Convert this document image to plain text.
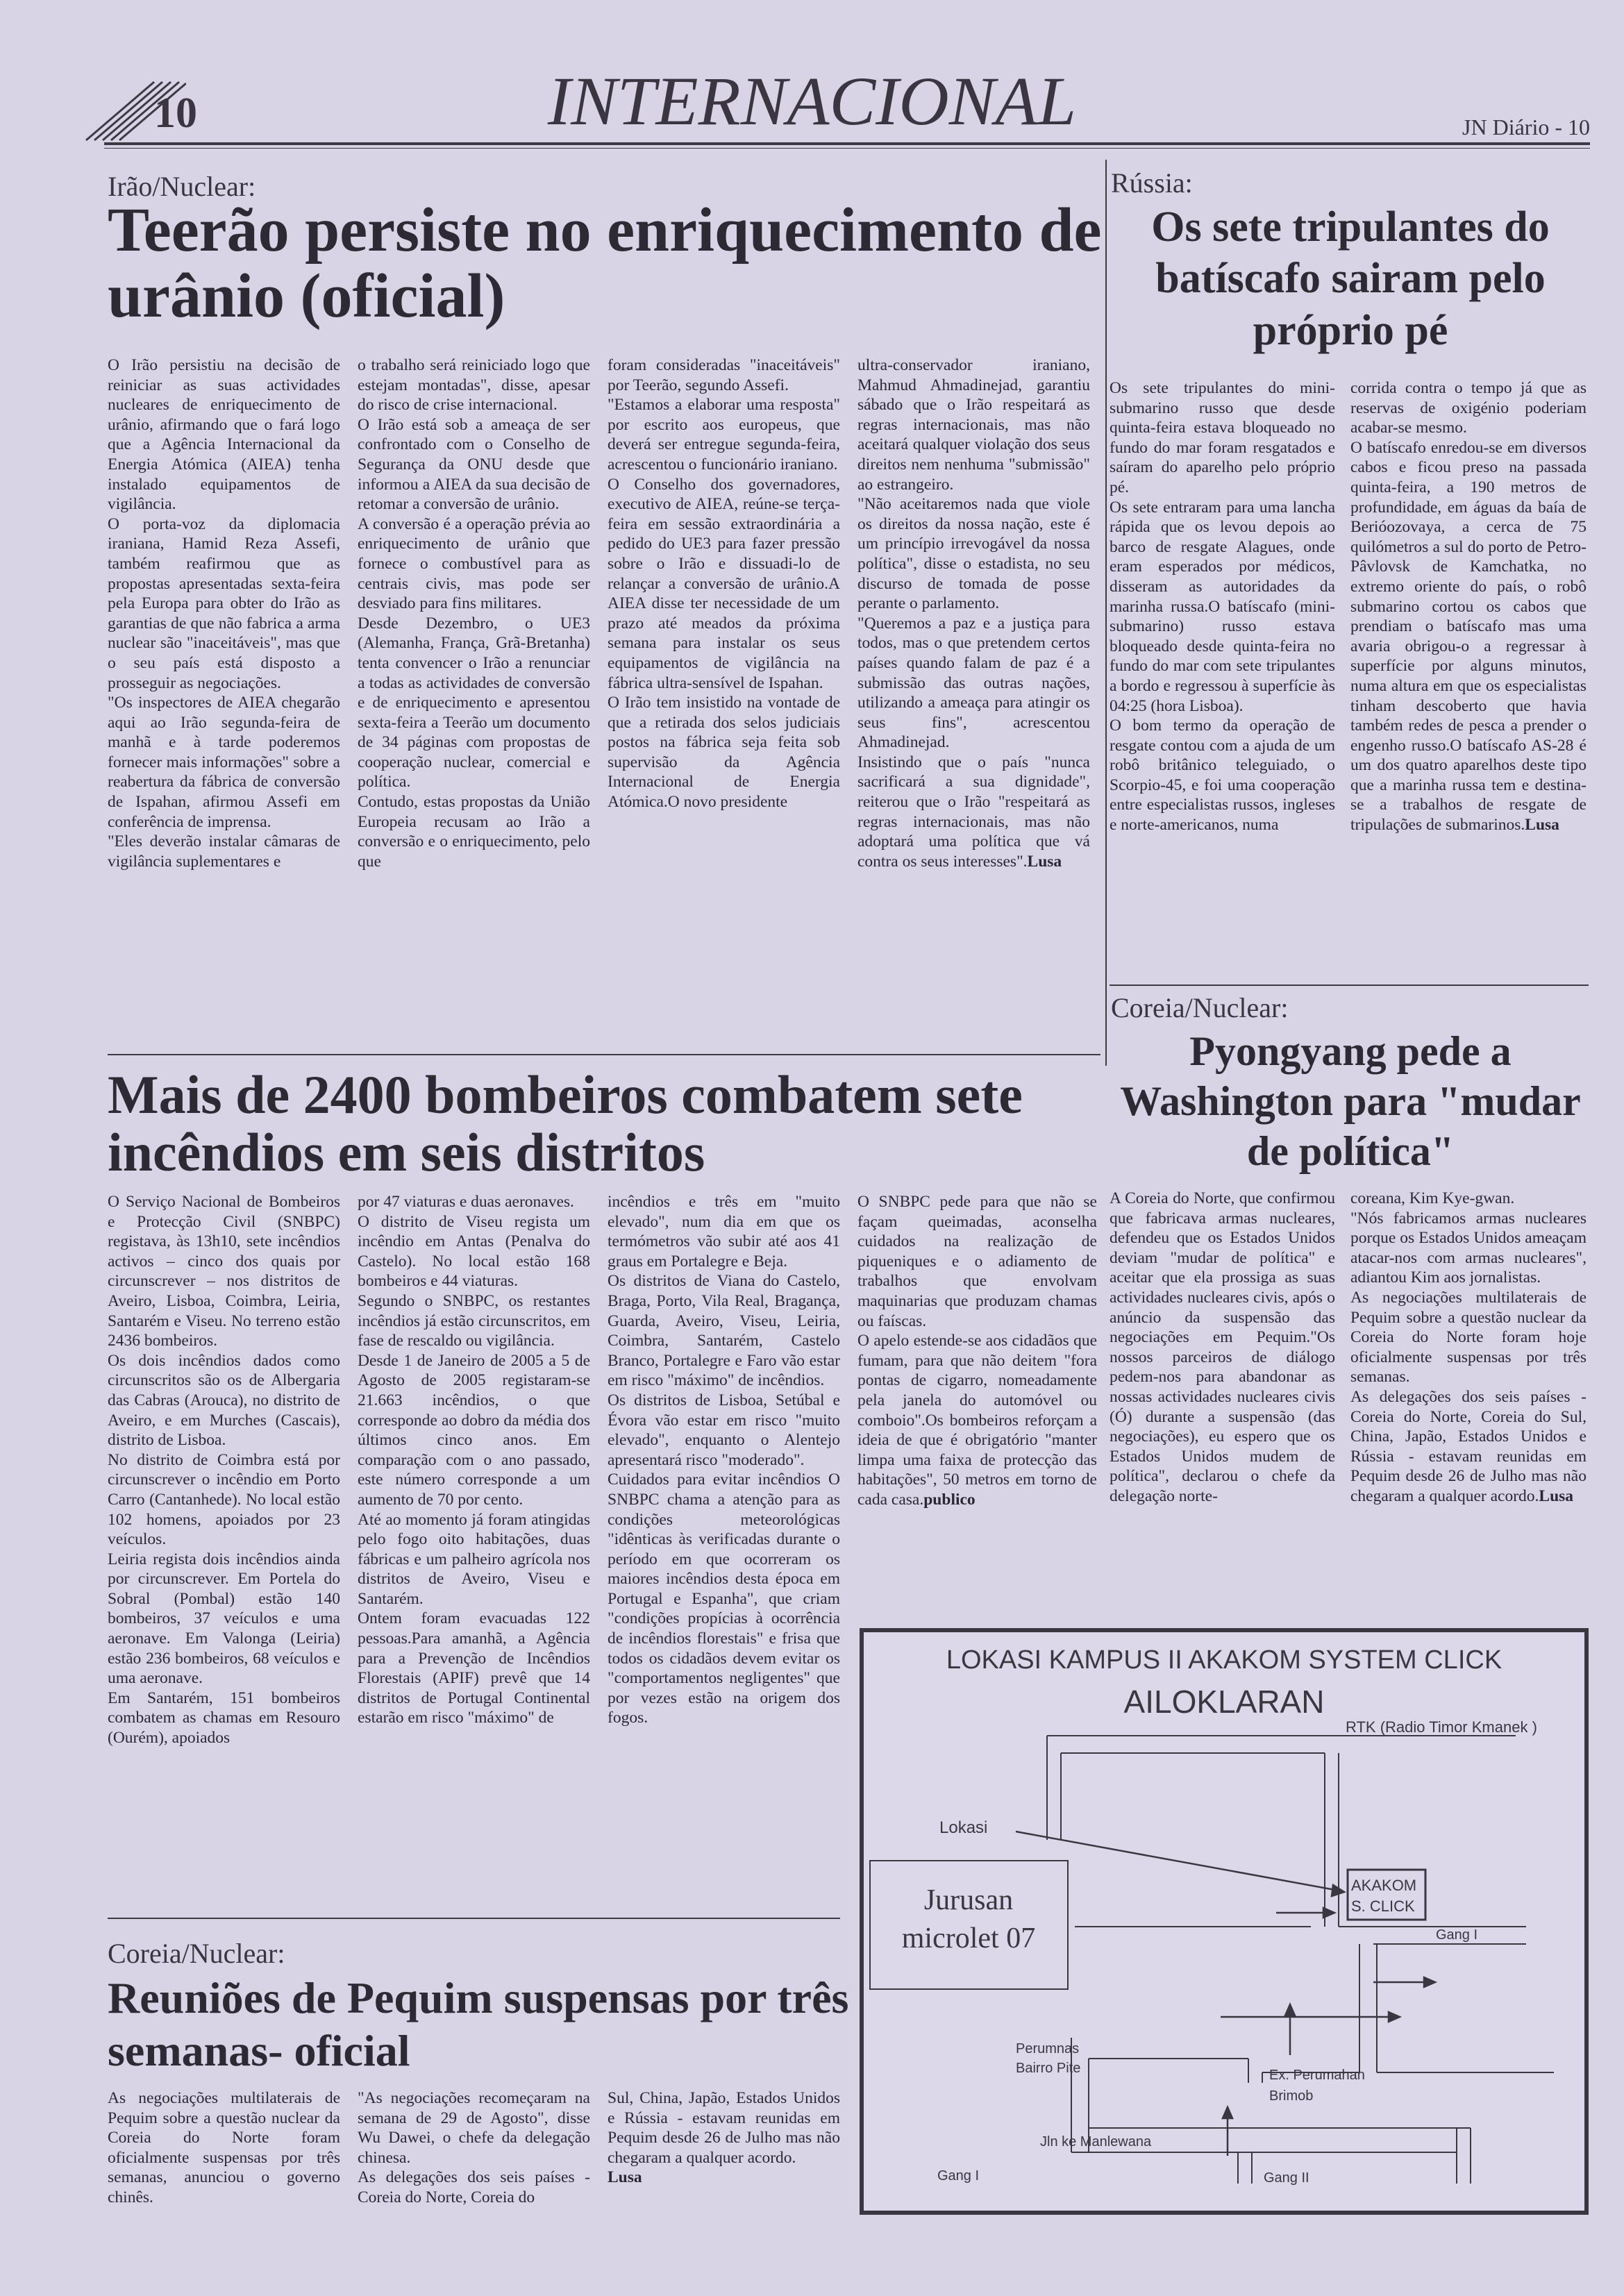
10	INTERNACIONAL	JN Diário - 10
Irão/Nuclear:
Teerão persiste no enriquecimento de urânio (oficial)

O Irão persistiu na decisão de reiniciar as suas actividades nucleares de enriquecimento de urânio, afirmando que o fará logo que a Agência Internacional da Energia Atómica (AIEA) tenha instalado equipamentos de vigilância.

O porta-voz da diplomacia iraniana, Hamid Reza Assefi, também reafirmou que as propostas apresentadas sexta-feira pela Europa para obter do Irão as garantias de que não fabrica a arma nuclear são "inaceitáveis", mas que o seu país está disposto a prosseguir as negociações.

"Os inspectores de AIEA chegarão aqui ao Irão segunda-feira de manhã e à tarde poderemos fornecer mais informações" sobre a reabertura da fábrica de conversão de Ispahan, afirmou Assefi em conferência de imprensa.

"Eles deverão instalar câmaras de vigilância suplementares e

o trabalho será reiniciado logo que estejam montadas", disse, apesar do risco de crise internacional.

O Irão está sob a ameaça de ser confrontado com o Conselho de Segurança da ONU desde que informou a AIEA da sua decisão de retomar a conversão de urânio.

A conversão é a operação prévia ao enriquecimento de urânio que fornece o combustível para as centrais civis, mas pode ser desviado para fins militares.

Desde Dezembro, o UE3 (Alemanha, França, Grã-Bretanha) tenta convencer o Irão a renunciar a todas as actividades de conversão e de enriquecimento e apresentou sexta-feira a Teerão um documento de 34 páginas com propostas de cooperação nuclear, comercial e política.

Contudo, estas propostas da União Europeia recusam ao Irão a conversão e o enriquecimento, pelo que

foram consideradas "inaceitáveis" por Teerão, segundo Assefi.

"Estamos a elaborar uma resposta" por escrito aos europeus, que deverá ser entregue segunda-feira, acrescentou o funcionário iraniano.

O Conselho dos governadores, executivo de AIEA, reúne-se terça-feira em sessão extraordinária a pedido do UE3 para fazer pressão sobre o Irão e dissuadi-lo de relançar a conversão de urânio.A AIEA disse ter necessidade de um prazo até meados da próxima semana para instalar os seus equipamentos de vigilância na fábrica ultra-sensível de Ispahan.

O Irão tem insistido na vontade de que a retirada dos selos judiciais postos na fábrica seja feita sob supervisão da Agência Internacional de Energia Atómica.O novo presidente

ultra-conservador iraniano, Mahmud Ahmadinejad, garantiu sábado que o Irão respeitará as regras internacionais, mas não aceitará qualquer violação dos seus direitos nem nenhuma "submissão" ao estrangeiro.

"Não aceitaremos nada que viole os direitos da nossa nação, este é um princípio irrevogável da nossa política", disse o estadista, no seu discurso de tomada de posse perante o parlamento.

"Queremos a paz e a justiça para todos, mas o que pretendem certos países quando falam de paz é a submissão das outras nações, utilizando a ameaça para atingir os seus fins", acrescentou Ahmadinejad.

Insistindo que o país "nunca sacrificará a sua dignidade", reiterou que o Irão "respeitará as regras internacionais, mas não adoptará uma política que vá contra os seus interesses".Lusa

Rússia:
Os sete tripulantes do batíscafo sairam pelo próprio pé

Os sete tripulantes do mini-submarino russo que desde quinta-feira estava bloqueado no fundo do mar foram resgatados e saíram do aparelho pelo próprio pé.

Os sete entraram para uma lancha rápida que os levou depois ao barco de resgate Alagues, onde eram esperados por médicos, disseram as autoridades da marinha russa.O batíscafo (mini-submarino) russo estava bloqueado desde quinta-feira no fundo do mar com sete tripulantes a bordo e regressou à superfície às 04:25 (hora Lisboa).

O bom termo da operação de resgate contou com a ajuda de um robô britânico teleguiado, o Scorpio-45, e foi uma cooperação entre especialistas russos, ingleses e norte-americanos, numa

corrida contra o tempo já que as reservas de oxigénio poderiam acabar-se mesmo.

O batíscafo enredou-se em diversos cabos e ficou preso na passada quinta-feira, a 190 metros de profundidade, em águas da baía de Berióozovaya, a cerca de 75 quilómetros a sul do porto de Petro- Pâvlovsk de Kamchatka, no extremo oriente do país, o robô submarino cortou os cabos que prendiam o batíscafo mas uma avaria obrigou-o a regressar à superfície por alguns minutos, numa altura em que os especialistas tinham descoberto que havia também redes de pesca a prender o engenho russo.O batíscafo AS-28 é um dos quatro aparelhos deste tipo que a marinha russa tem e destina-se a trabalhos de resgate de tripulações de submarinos.Lusa

Mais de 2400 bombeiros combatem sete incêndios em seis distritos

O Serviço Nacional de Bombeiros e Protecção Civil (SNBPC) registava, às 13h10, sete incêndios activos – cinco dos quais por circunscrever – nos distritos de Aveiro, Lisboa, Coimbra, Leiria, Santarém e Viseu. No terreno estão 2436 bombeiros.

Os dois incêndios dados como circunscritos são os de Albergaria das Cabras (Arouca), no distrito de Aveiro, e em Murches (Cascais), distrito de Lisboa.

No distrito de Coimbra está por circunscrever o incêndio em Porto Carro (Cantanhede). No local estão 102 homens, apoiados por 23 veículos.

Leiria regista dois incêndios ainda por circunscrever. Em Portela do Sobral (Pombal) estão 140 bombeiros, 37 veículos e uma aeronave. Em Valonga (Leiria) estão 236 bombeiros, 68 veículos e uma aeronave.

Em Santarém, 151 bombeiros combatem as chamas em Resouro (Ourém), apoiados

por 47 viaturas e duas aeronaves.

O distrito de Viseu regista um incêndio em Antas (Penalva do Castelo). No local estão 168 bombeiros e 44 viaturas.

Segundo o SNBPC, os restantes incêndios já estão circunscritos, em fase de rescaldo ou vigilância.

Desde 1 de Janeiro de 2005 a 5 de Agosto de 2005 registaram-se 21.663 incêndios, o que corresponde ao dobro da média dos últimos cinco anos. Em comparação com o ano passado, este número corresponde a um aumento de 70 por cento.

Até ao momento já foram atingidas pelo fogo oito habitações, duas fábricas e um palheiro agrícola nos distritos de Aveiro, Viseu e Santarém.

Ontem foram evacuadas 122 pessoas.Para amanhã, a Agência para a Prevenção de Incêndios Florestais (APIF) prevê que 14 distritos de Portugal Continental estarão em risco "máximo" de

incêndios e três em "muito elevado", num dia em que os termómetros vão subir até aos 41 graus em Portalegre e Beja.

Os distritos de Viana do Castelo, Braga, Porto, Vila Real, Bragança, Guarda, Aveiro, Viseu, Leiria, Coimbra, Santarém, Castelo Branco, Portalegre e Faro vão estar em risco "máximo" de incêndios.

Os distritos de Lisboa, Setúbal e Évora vão estar em risco "muito elevado", enquanto o Alentejo apresentará risco "moderado".

Cuidados para evitar incêndios O SNBPC chama a atenção para as condições meteorológicas "idênticas às verificadas durante o período em que ocorreram os maiores incêndios desta época em Portugal e Espanha", que criam "condições propícias à ocorrência de incêndios florestais" e frisa que todos os cidadãos devem evitar os "comportamentos negligentes" que por vezes estão na origem dos fogos.

O SNBPC pede para que não se façam queimadas, aconselha cuidados na realização de piqueniques e o adiamento de trabalhos que envolvam maquinarias que produzam chamas ou faíscas.

O apelo estende-se aos cidadãos que fumam, para que não deitem "fora pontas de cigarro, nomeadamente pela janela do automóvel ou comboio".Os bombeiros reforçam a ideia de que é obrigatório "manter limpa uma faixa de protecção das habitações", 50 metros em torno de cada casa.publico

Coreia/Nuclear:
Pyongyang pede a Washington para "mudar de política"

A Coreia do Norte, que confirmou que fabricava armas nucleares, defendeu que os Estados Unidos deviam "mudar de política" e aceitar que ela prossiga as suas actividades nucleares civis, após o anúncio da suspensão das negociações em Pequim."Os nossos parceiros de diálogo pedem-nos para abandonar as nossas actividades nucleares civis (Ó) durante a suspensão (das negociações), eu espero que os Estados Unidos mudem de política", declarou o chefe da delegação norte-

coreana, Kim Kye-gwan.

"Nós fabricamos armas nucleares porque os Estados Unidos ameaçam atacar-nos com armas nucleares", adiantou Kim aos jornalistas.

As negociações multilaterais de Pequim sobre a questão nuclear da Coreia do Norte foram hoje oficialmente suspensas por três semanas.

As delegações dos seis países - Coreia do Norte, Coreia do Sul, China, Japão, Estados Unidos e Rússia - estavam reunidas em Pequim desde 26 de Julho mas não chegaram a qualquer acordo.Lusa

Coreia/Nuclear:
Reuniões de Pequim suspensas por três semanas- oficial

As negociações multilaterais de Pequim sobre a questão nuclear da Coreia do Norte foram oficialmente suspensas por três semanas, anunciou o governo chinês.

"As negociações recomeçaram na semana de 29 de Agosto", disse Wu Dawei, o chefe da delegação chinesa.

As delegações dos seis países - Coreia do Norte, Coreia do

Sul, China, Japão, Estados Unidos e Rússia - estavam reunidas em Pequim desde 26 de Julho mas não chegaram a qualquer acordo.

Lusa

LOKASI KAMPUS II AKAKOM SYSTEM CLICK
AILOKLARAN
RTK (Radio Timor Kmanek )
Lokasi
Jurusan
microlet 07
AKAKOM
S. CLICK
Gang I
Perumnas
Bairro Pite	Ex. Perumahan
Brimob
Jln ke Manlewana
Gang I	Gang II
